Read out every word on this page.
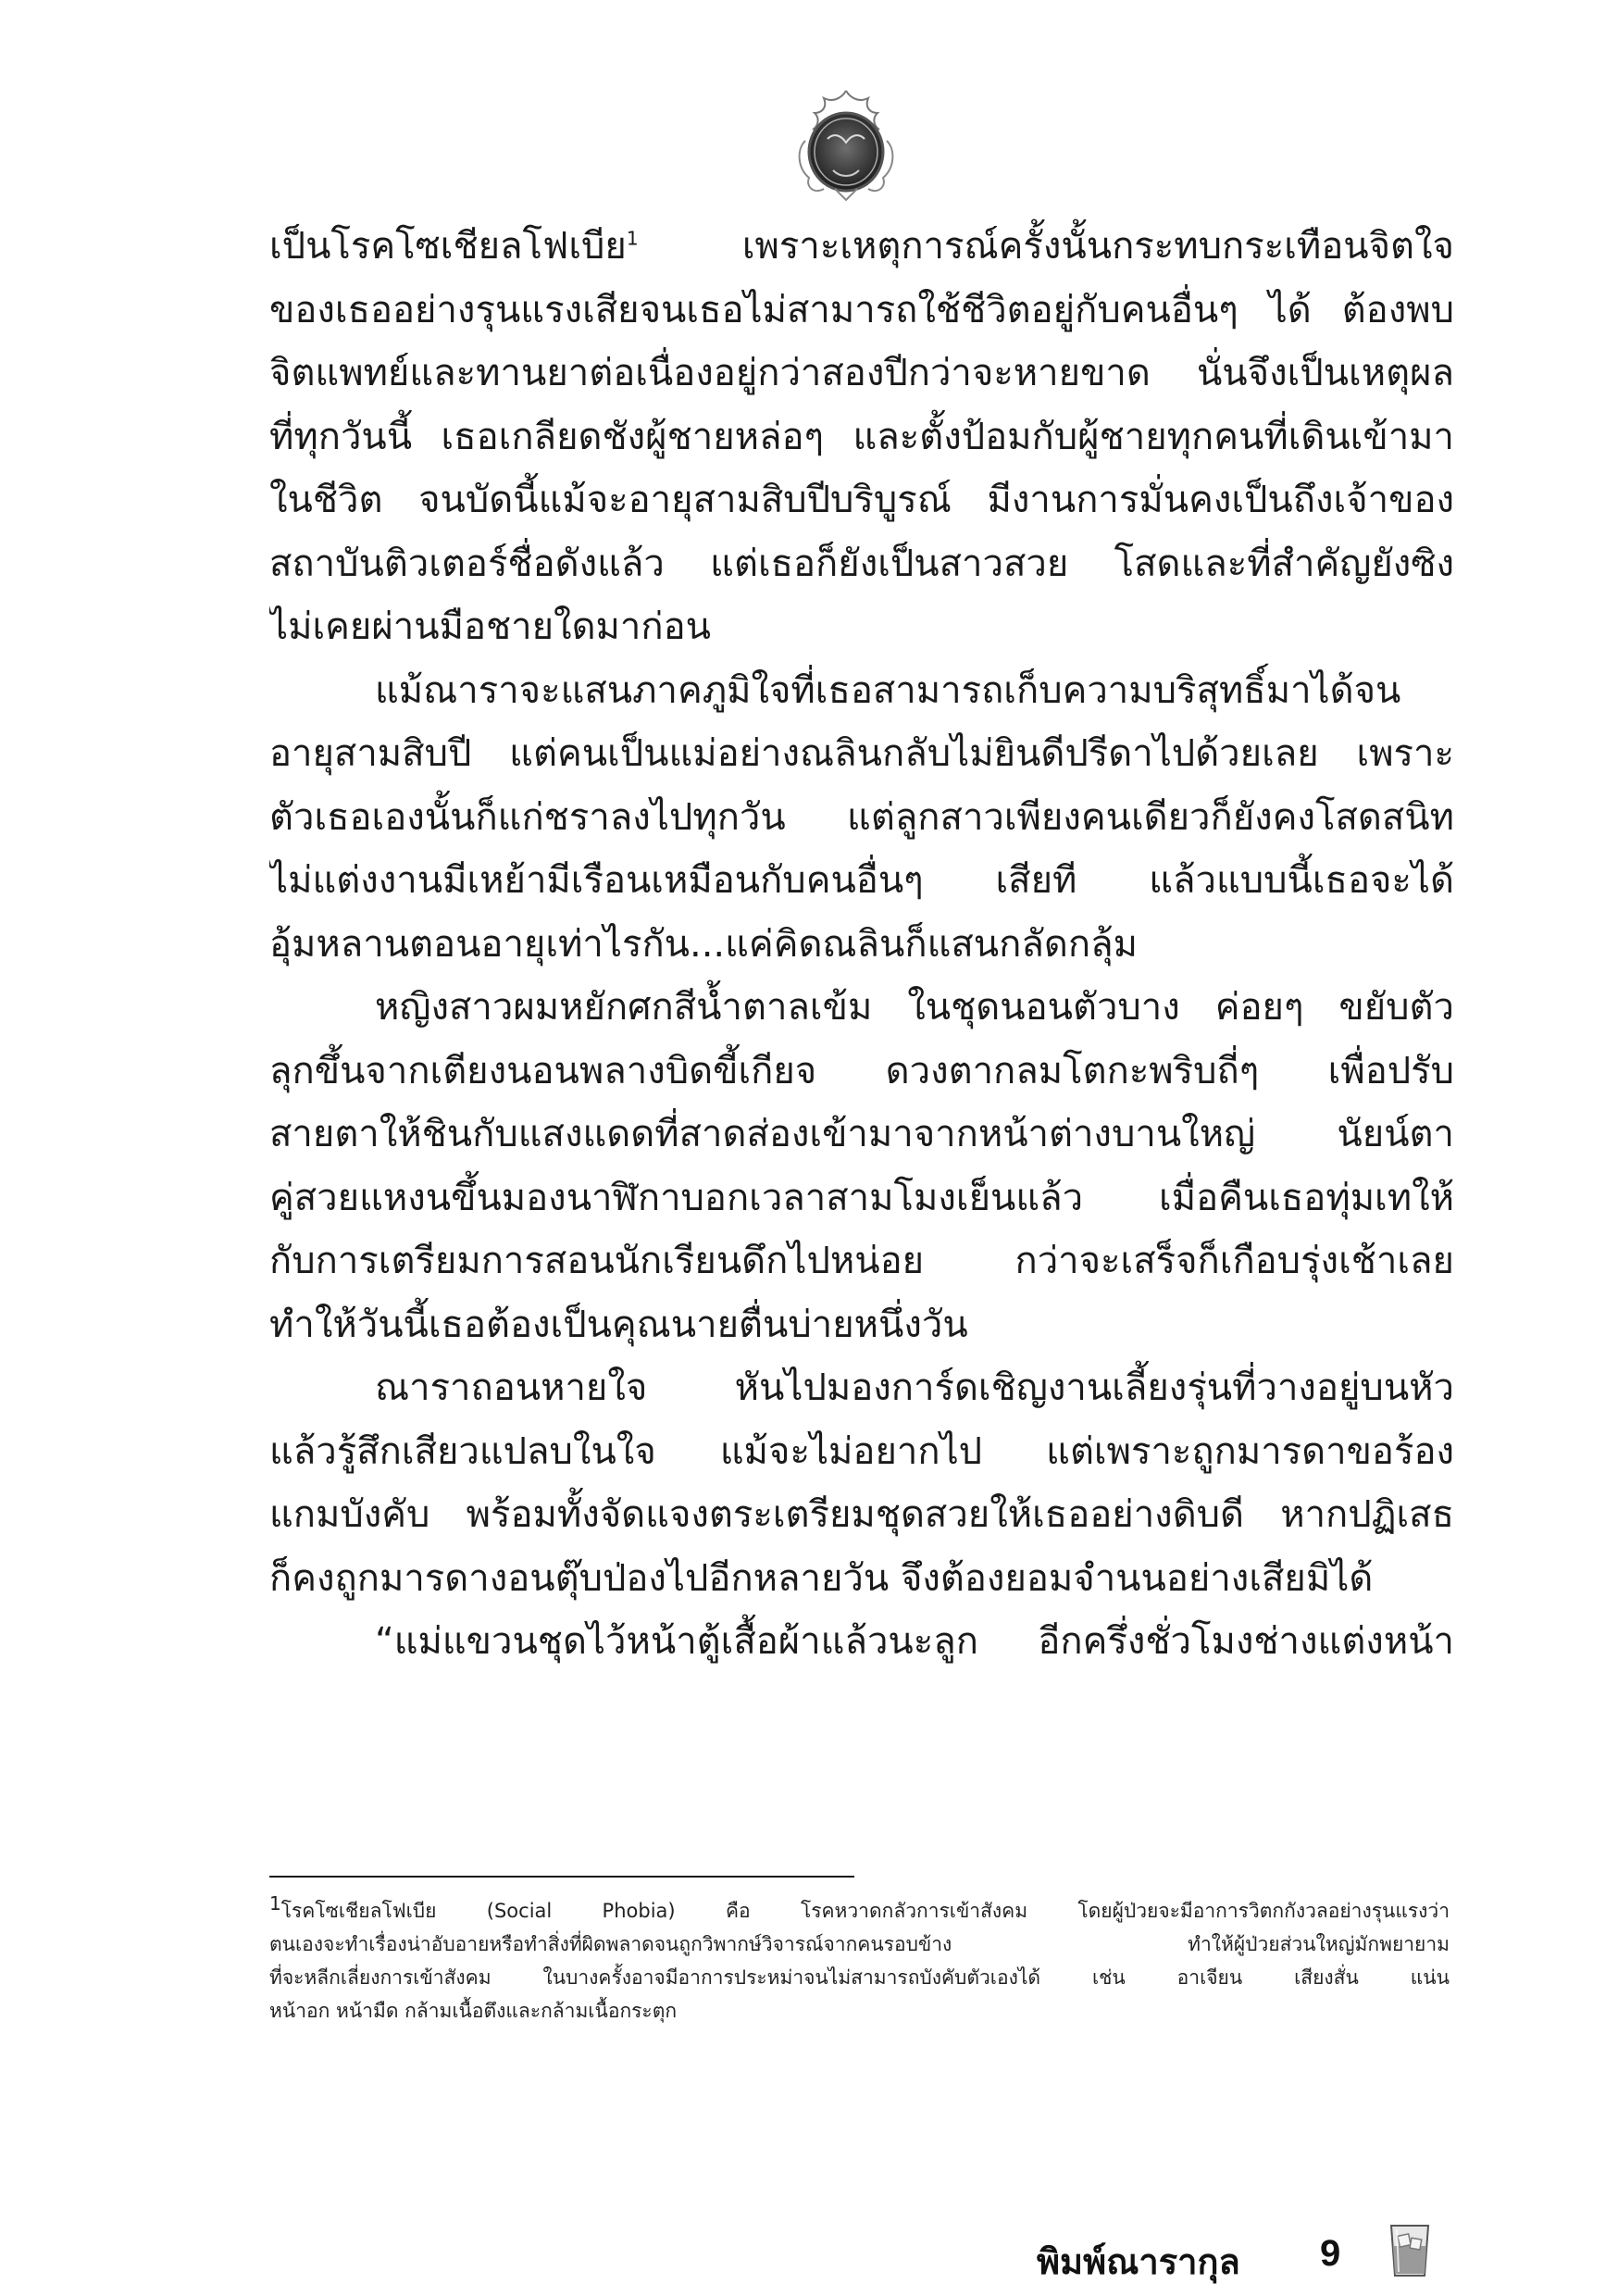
เป็นโรคโซเชียลโฟเบีย$^1$ เพราะเหตุการณ์ครั้งนั้นกระทบกระเทือนจิตใจ
ของเธออย่างรุนแรงเสียจนเธอไม่สามารถใช้ชีวิตอยู่กับคนอื่นๆ ได้ ต้องพบ
จิตแพทย์และทานยาต่อเนื่องอยู่กว่าสองปีกว่าจะหายขาด นั่นจึงเป็นเหตุผล
ที่ทุกวันนี้ เธอเกลียดชังผู้ชายหล่อๆ และตั้งป้อมกับผู้ชายทุกคนที่เดินเข้ามา
ในชีวิต จนบัดนี้แม้จะอายุสามสิบปีบริบูรณ์ มีงานการมั่นคงเป็นถึงเจ้าของ
สถาบันติวเตอร์ชื่อดังแล้ว แต่เธอก็ยังเป็นสาวสวย โสดและที่สำคัญยังซิง
ไม่เคยผ่านมือชายใดมาก่อน
แม้ณาราจะแสนภาคภูมิใจที่เธอสามารถเก็บความบริสุทธิ์มาได้จน
อายุสามสิบปี แต่คนเป็นแม่อย่างณลินกลับไม่ยินดีปรีดาไปด้วยเลย เพราะ
ตัวเธอเองนั้นก็แก่ชราลงไปทุกวัน แต่ลูกสาวเพียงคนเดียวก็ยังคงโสดสนิท
ไม่แต่งงานมีเหย้ามีเรือนเหมือนกับคนอื่นๆ เสียที แล้วแบบนี้เธอจะได้
อุ้มหลานตอนอายุเท่าไรกัน...แค่คิดณลินก็แสนกลัดกลุ้ม
หญิงสาวผมหยักศกสีน้ำตาลเข้ม ในชุดนอนตัวบาง ค่อยๆ ขยับตัว
ลุกขึ้นจากเตียงนอนพลางบิดขี้เกียจ ดวงตากลมโตกะพริบถี่ๆ เพื่อปรับ
สายตาให้ชินกับแสงแดดที่สาดส่องเข้ามาจากหน้าต่างบานใหญ่ นัยน์ตา
คู่สวยแหงนขึ้นมองนาฬิกาบอกเวลาสามโมงเย็นแล้ว เมื่อคืนเธอทุ่มเทให้
กับการเตรียมการสอนนักเรียนดึกไปหน่อย กว่าจะเสร็จก็เกือบรุ่งเช้าเลย
ทำให้วันนี้เธอต้องเป็นคุณนายตื่นบ่ายหนึ่งวัน
ณาราถอนหายใจ หันไปมองการ์ดเชิญงานเลี้ยงรุ่นที่วางอยู่บนหัว
แล้วรู้สึกเสียวแปลบในใจ แม้จะไม่อยากไป แต่เพราะถูกมารดาขอร้อง
แกมบังคับ พร้อมทั้งจัดแจงตระเตรียมชุดสวยให้เธออย่างดิบดี หากปฏิเสธ
ก็คงถูกมารดางอนตุ๊บป่องไปอีกหลายวัน จึงต้องยอมจำนนอย่างเสียมิได้
“แม่แขวนชุดไว้หน้าตู้เสื้อผ้าแล้วนะลูก อีกครึ่งชั่วโมงช่างแต่งหน้า
$^1$โรคโซเชียลโฟเบีย (Social Phobia) คือ โรคหวาดกลัวการเข้าสังคม โดยผู้ป่วยจะมีอาการวิตกกังวลอย่างรุนแรงว่า
ตนเองจะทำเรื่องน่าอับอายหรือทำสิ่งที่ผิดพลาดจนถูกวิพากษ์วิจารณ์จากคนรอบข้าง ทำให้ผู้ป่วยส่วนใหญ่มักพยายาม
ที่จะหลีกเลี่ยงการเข้าสังคม ในบางครั้งอาจมีอาการประหม่าจนไม่สามารถบังคับตัวเองได้ เช่น อาเจียน เสียงสั่น แน่น
หน้าอก หน้ามืด กล้ามเนื้อตึงและกล้ามเนื้อกระตุก
พิมพ์ณารากุล 9
